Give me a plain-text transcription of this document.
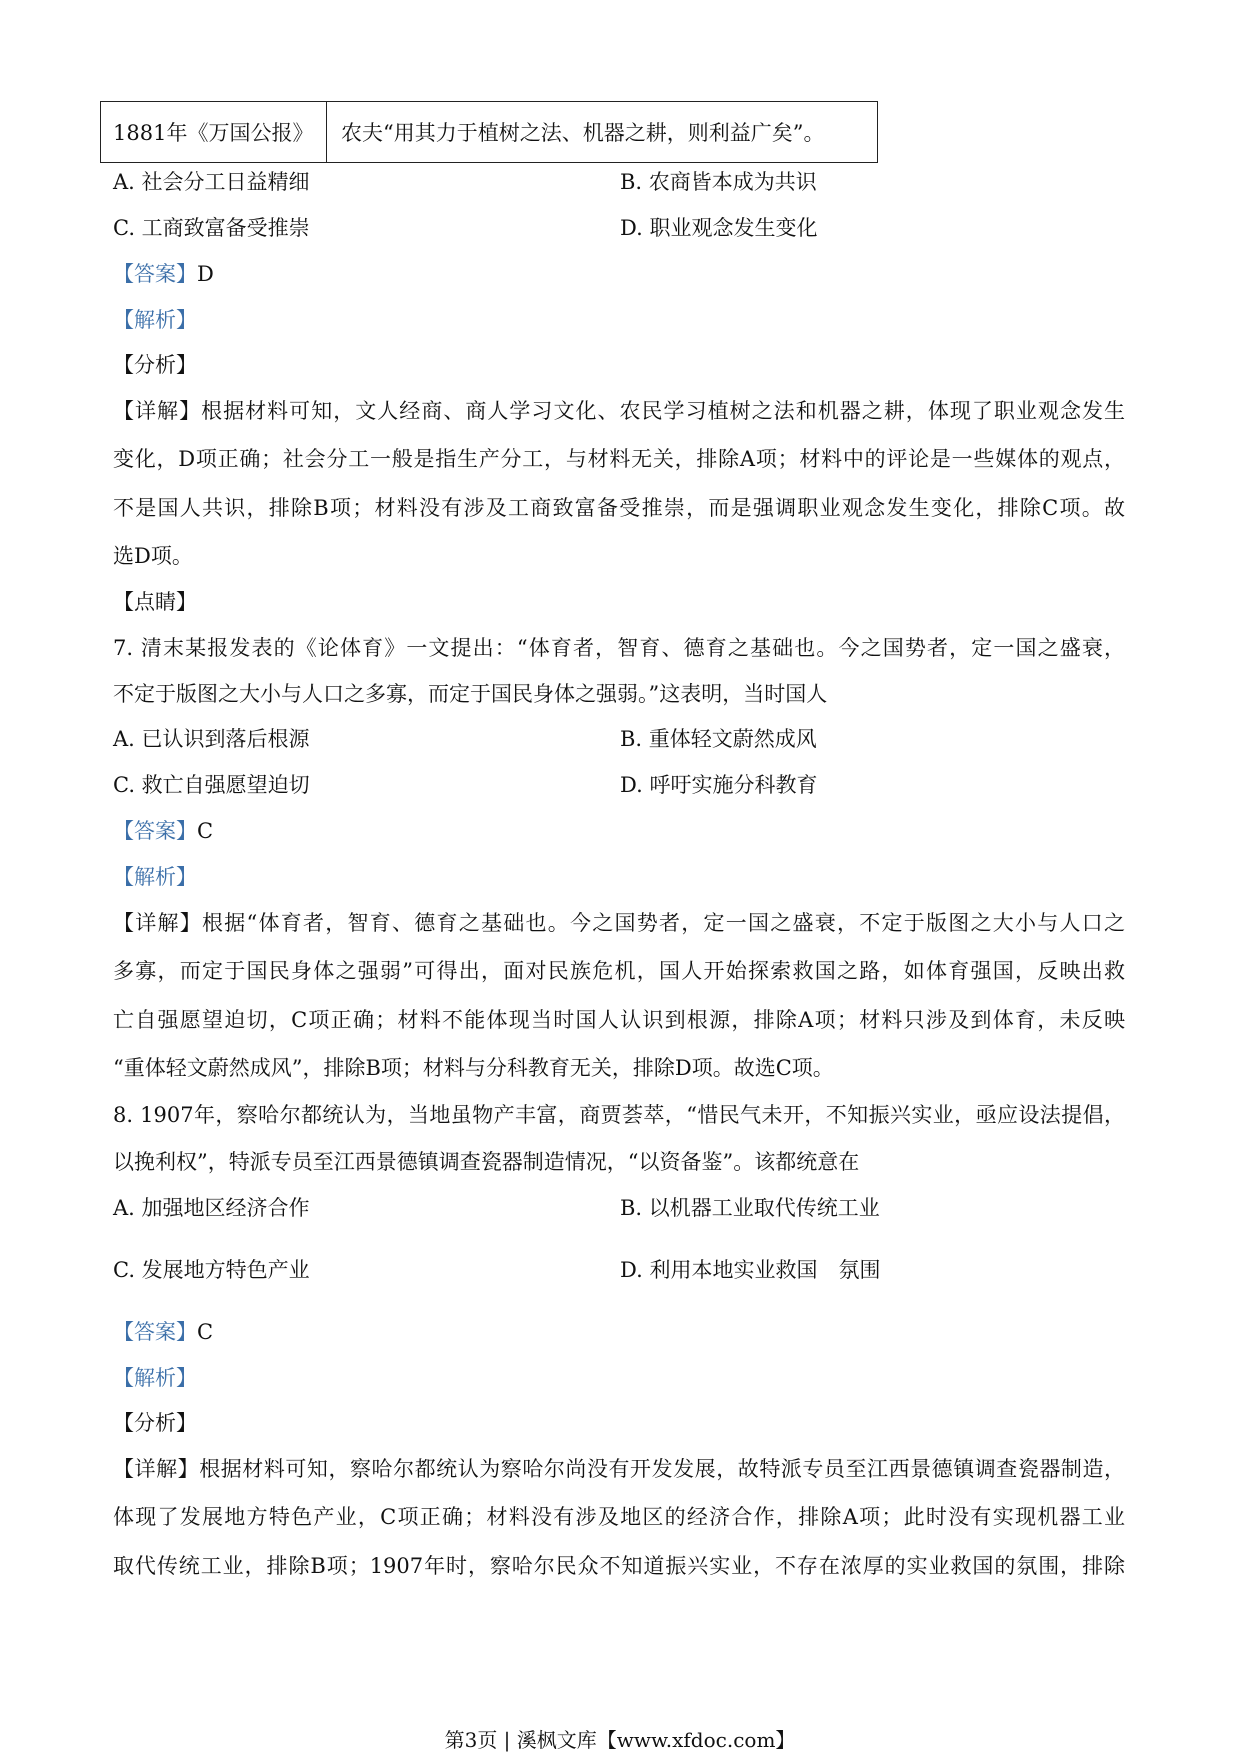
1881年《万国公报》	农夫“用其力于植树之法、机器之耕，则利益广矣”。
A. 社会分工日益精细	B. 农商皆本成为共识
C. 工商致富备受推崇	D. 职业观念发生变化
【答案】D
【解析】
【分析】
【详解】根据材料可知，文人经商、商人学习文化、农民学习植树之法和机器之耕，体现了职业观念发生
变化，D项正确；社会分工一般是指生产分工，与材料无关，排除A项；材料中的评论是一些媒体的观点，
不是国人共识，排除B项；材料没有涉及工商致富备受推崇，而是强调职业观念发生变化，排除C项。故
选D项。
【点睛】
7. 清末某报发表的《论体育》一文提出：“体育者，智育、德育之基础也。今之国势者，定一国之盛衰，
不定于版图之大小与人口之多寡，而定于国民身体之强弱。”这表明，当时国人
A. 已认识到落后根源	B. 重体轻文蔚然成风
C. 救亡自强愿望迫切	D. 呼吁实施分科教育
【答案】C
【解析】
【详解】根据“体育者，智育、德育之基础也。今之国势者，定一国之盛衰，不定于版图之大小与人口之
多寡，而定于国民身体之强弱”可得出，面对民族危机，国人开始探索救国之路，如体育强国，反映出救
亡自强愿望迫切，C项正确；材料不能体现当时国人认识到根源，排除A项；材料只涉及到体育，未反映
“重体轻文蔚然成风”，排除B项；材料与分科教育无关，排除D项。故选C项。
8. 1907年，察哈尔都统认为，当地虽物产丰富，商贾荟萃，“惜民气未开，不知振兴实业，亟应设法提倡，
以挽利权”，特派专员至江西景德镇调查瓷器制造情况，“以资备鉴”。该都统意在
A. 加强地区经济合作	B. 以机器工业取代传统工业
C. 发展地方特色产业	D. 利用本地实业救国　氛围
【答案】C
【解析】
【分析】
【详解】根据材料可知，察哈尔都统认为察哈尔尚没有开发发展，故特派专员至江西景德镇调查瓷器制造，
体现了发展地方特色产业，C项正确；材料没有涉及地区的经济合作，排除A项；此时没有实现机器工业
取代传统工业，排除B项；1907年时，察哈尔民众不知道振兴实业，不存在浓厚的实业救国的氛围，排除
第3页 | 溪枫文库【www.xfdoc.com】
